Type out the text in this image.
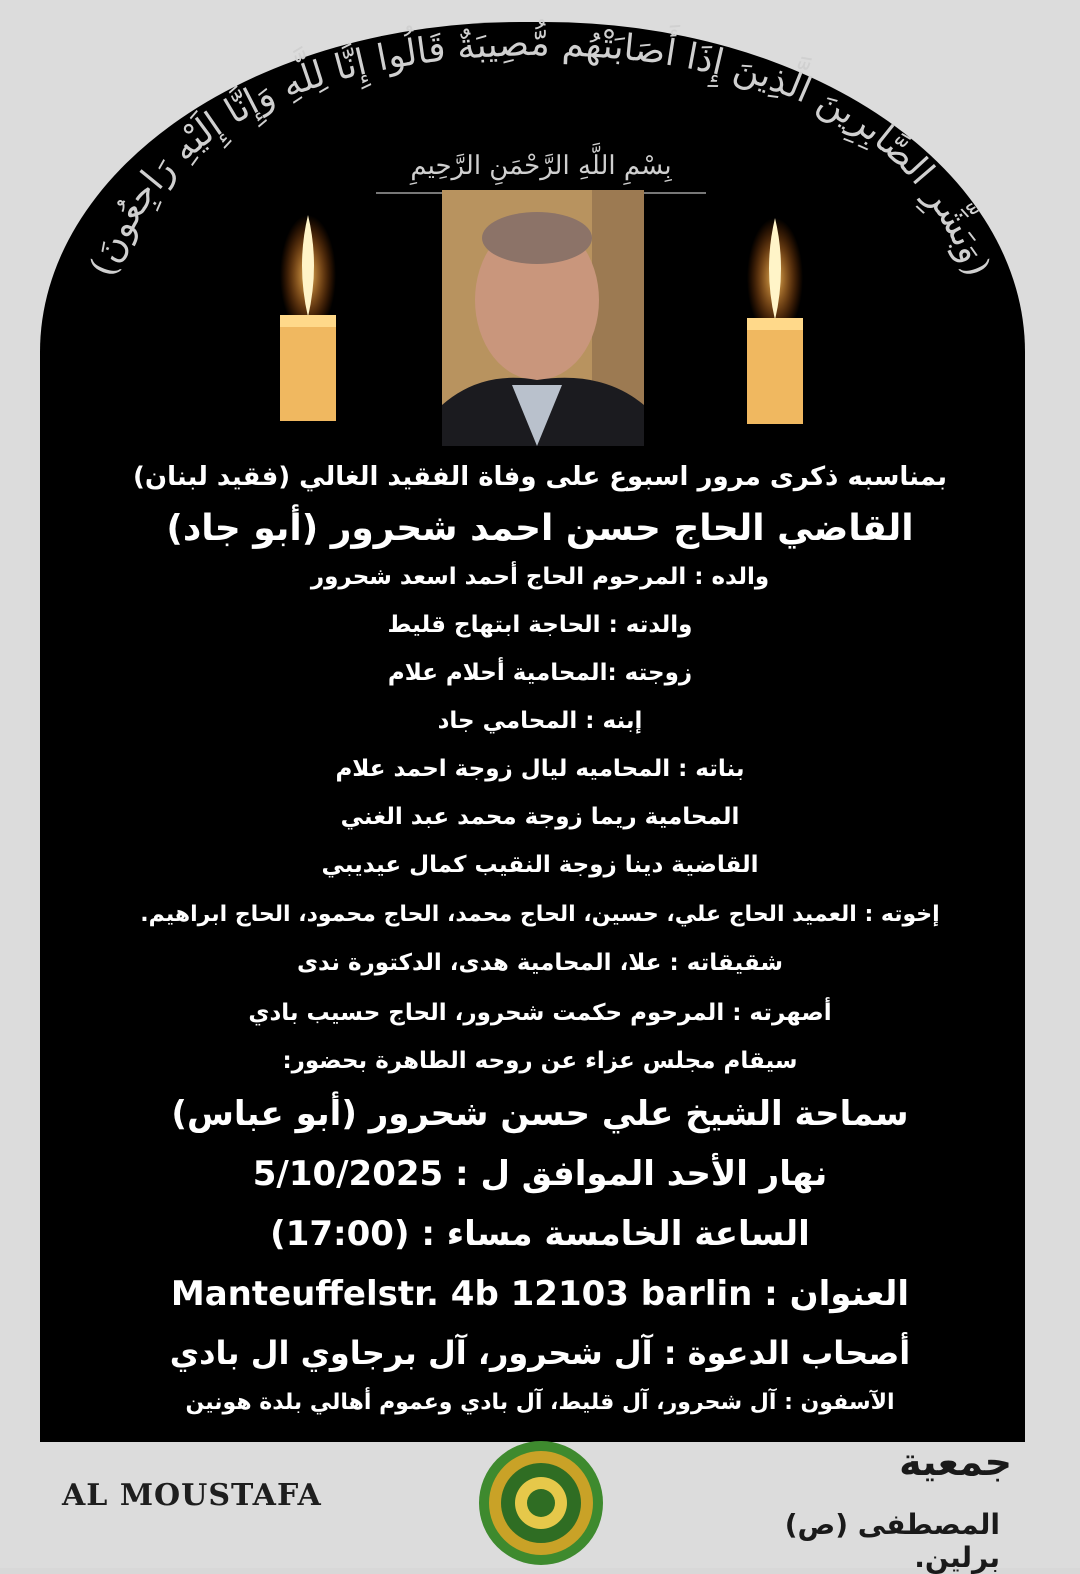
(وَبَشِّرِ الصَّابِرِينَ الَّذِينَ إِذَا أَصَابَتْهُم مُّصِيبَةٌ قَالُوا إِنَّا لِلَّهِ وَإِنَّا إِلَيْهِ رَاجِعُونَ)
بِسْمِ اللَّهِ الرَّحْمَنِ الرَّحِيمِ
بمناسبه ذكرى مرور اسبوع على وفاة الفقيد الغالي (فقيد لبنان)
القاضي الحاج حسن احمد شحرور (أبو جاد)
والده : المرحوم الحاج أحمد اسعد شحرور
والدته : الحاجة ابتهاج قليط
زوجته :المحامية أحلام علام
إبنه : المحامي جاد
بناته : المحاميه ليال زوجة احمد علام
المحامية ريما زوجة محمد عبد الغني
القاضية دينا زوجة النقيب كمال عيديبي
إخوته : العميد الحاج علي، حسين، الحاج محمد، الحاج محمود، الحاج ابراهيم.
شقيقاته : علا، المحامية هدى، الدكتورة ندى
أصهرته : المرحوم حكمت شحرور، الحاج حسيب بادي
سيقام مجلس عزاء عن روحه الطاهرة بحضور:
سماحة الشيخ علي حسن شحرور (أبو عباس)
نهار الأحد الموافق ل : 5/10/2025
الساعة الخامسة مساء : (17:00)
العنوان : Manteuffelstr. 4b 12103 barlin
أصحاب الدعوة : آل شحرور، آل برجاوي ال بادي
الآسفون : آل شحرور، آل قليط، آل بادي وعموم أهالي بلدة هونين
AL MOUSTAFA
جمعية
المصطفى (ص) برلين.
